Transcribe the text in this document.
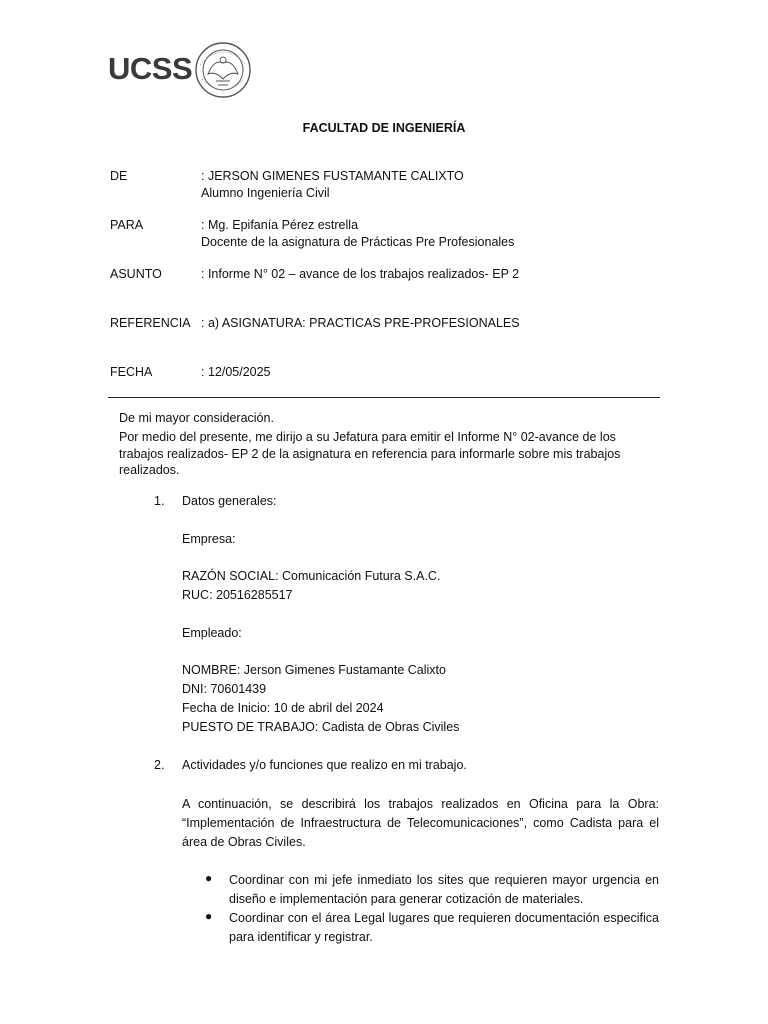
UCSS
FACULTAD DE INGENIERÍA
DE	: JERSON GIMENES FUSTAMANTE CALIXTO
Alumno Ingeniería Civil
PARA	: Mg. Epifanía Pérez estrella
Docente de la asignatura de Prácticas Pre Profesionales
ASUNTO	: Informe N° 02 – avance de los trabajos realizados- EP 2
REFERENCIA : a) ASIGNATURA: PRACTICAS PRE-PROFESIONALES
FECHA	: 12/05/2025
De mi mayor consideración.
Por medio del presente, me dirijo a su Jefatura para emitir el Informe N° 02-avance de los trabajos realizados- EP 2 de la asignatura en referencia para informarle sobre mis trabajos realizados.
1. Datos generales:
Empresa:
RAZÓN SOCIAL: Comunicación Futura S.A.C.
RUC: 20516285517
Empleado:
NOMBRE: Jerson Gimenes Fustamante Calixto
DNI: 70601439
Fecha de Inicio: 10 de abril del 2024
PUESTO DE TRABAJO: Cadista de Obras Civiles
2. Actividades y/o funciones que realizo en mi trabajo.
A continuación, se describirá los trabajos realizados en Oficina para la Obra: “Implementación de Infraestructura de Telecomunicaciones”, como Cadista para el área de Obras Civiles.
● Coordinar con mi jefe inmediato los sites que requieren mayor urgencia en diseño e implementación para generar cotización de materiales.
● Coordinar con el área Legal lugares que requieren documentación especifica para identificar y registrar.
